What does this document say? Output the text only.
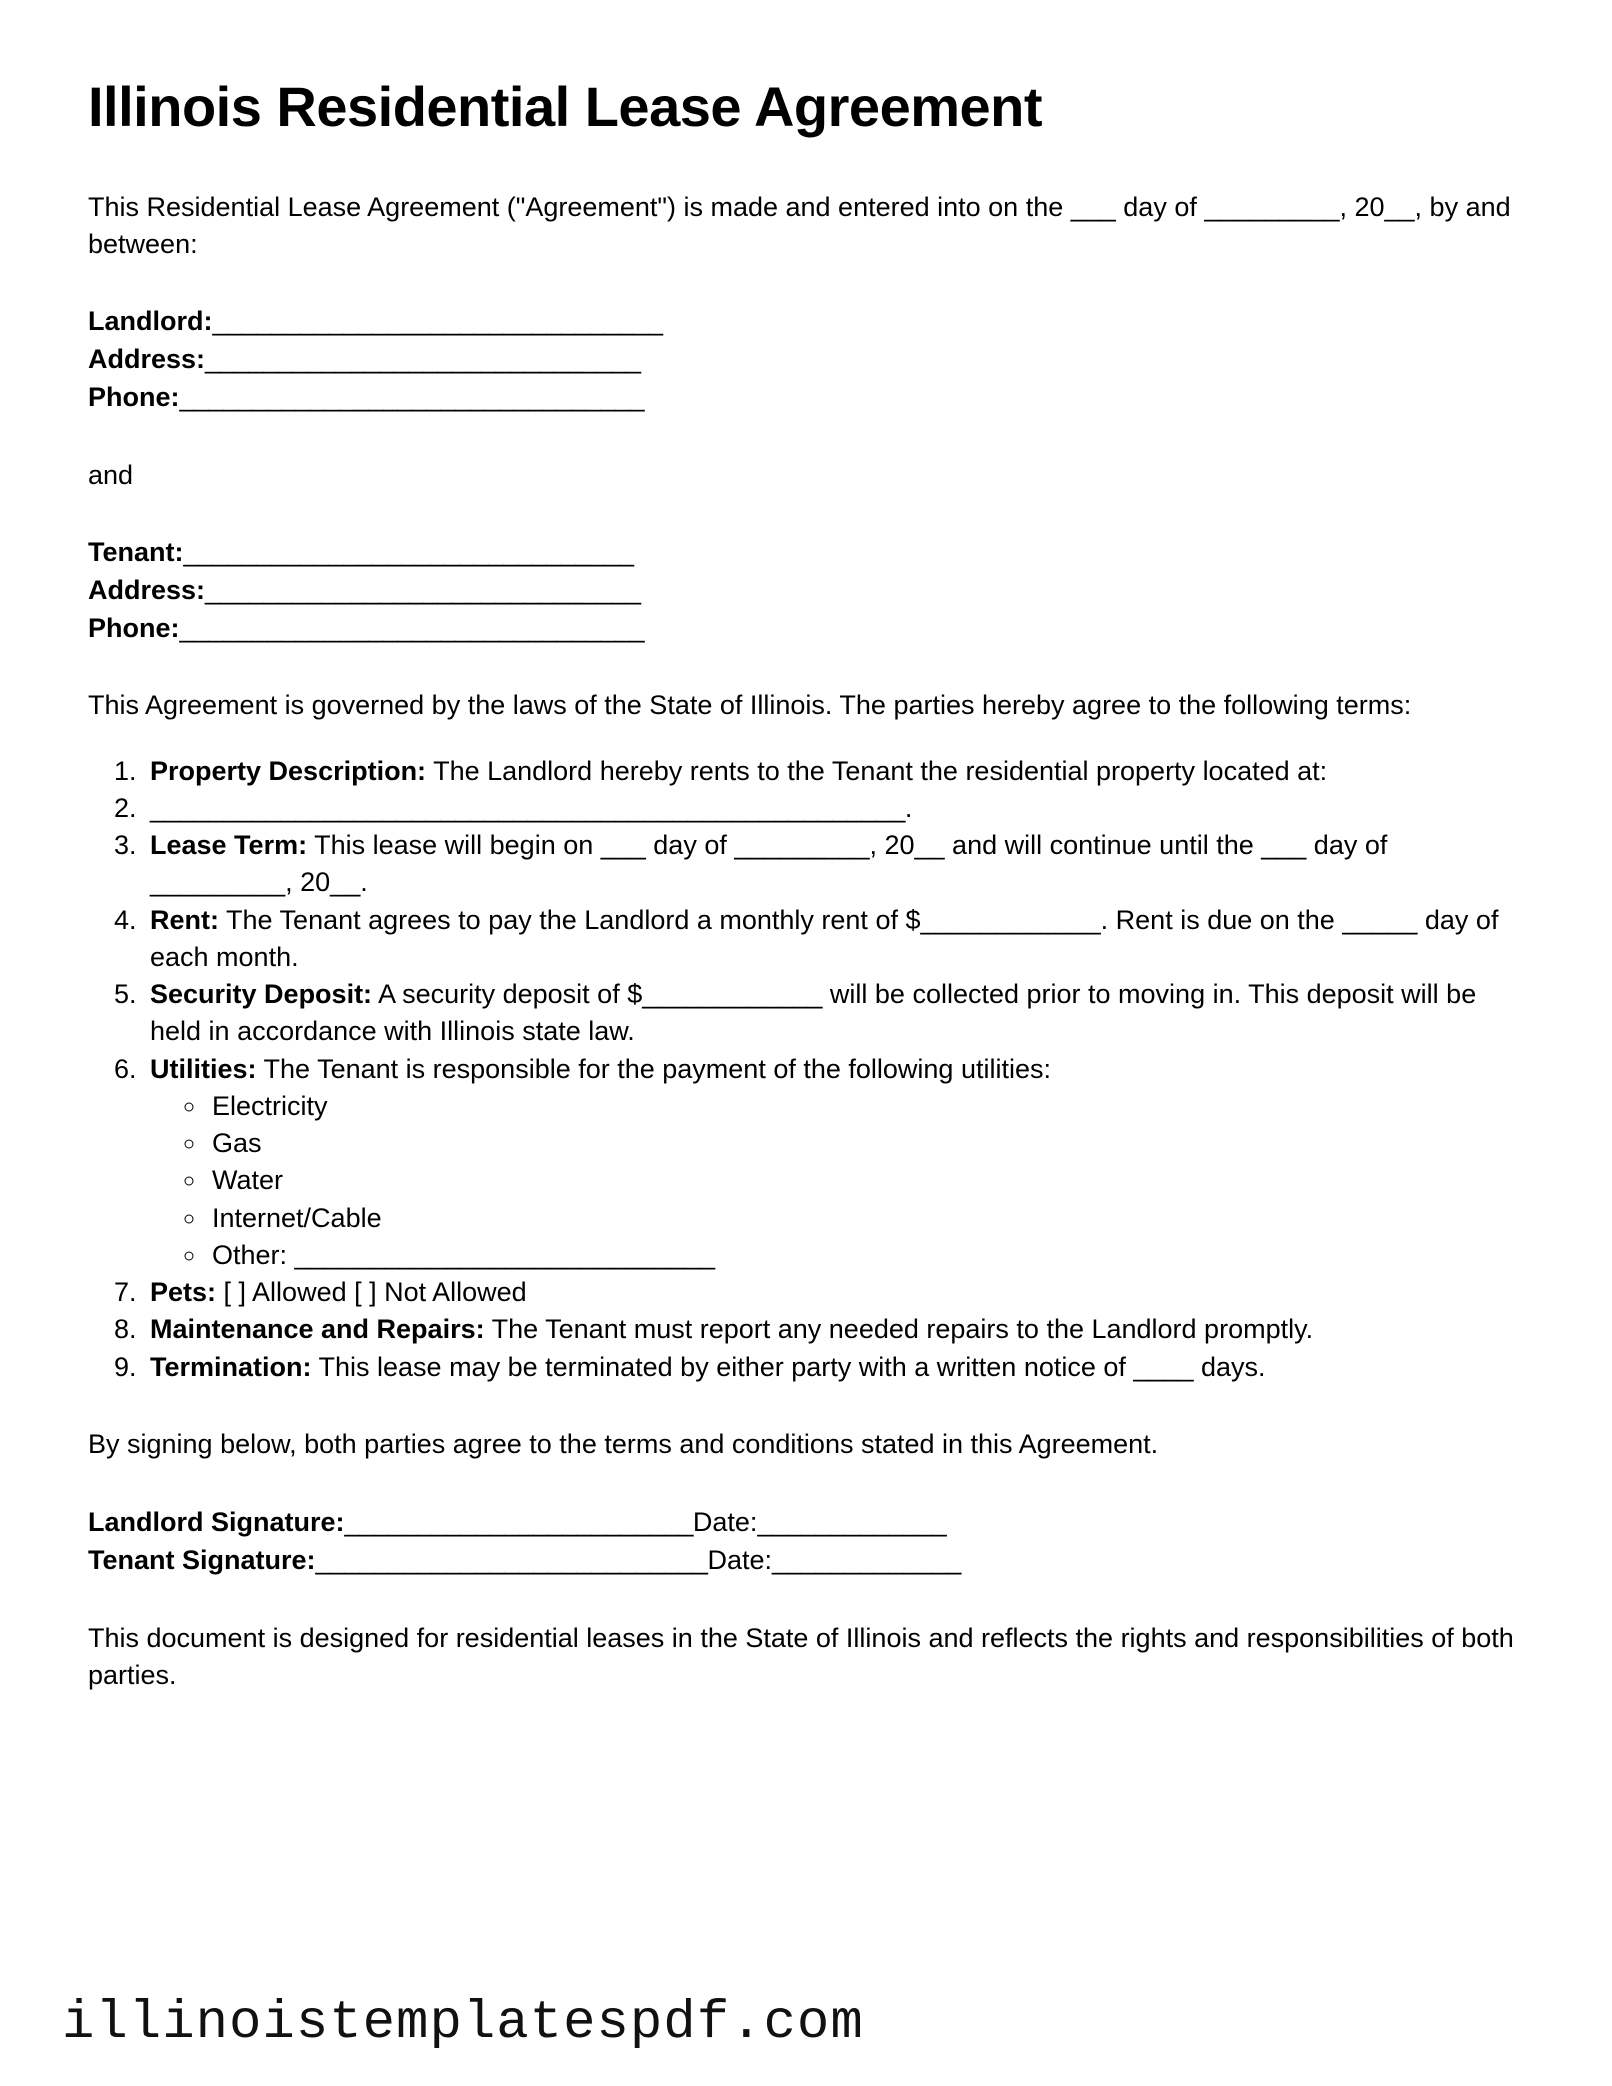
Illinois Residential Lease Agreement

This Residential Lease Agreement ("Agreement") is made and entered into on the ___ day of _________, 20__, by and between:

Landlord:_______________________________
Address:______________________________
Phone:________________________________

and

Tenant:_______________________________
Address:______________________________
Phone:________________________________

This Agreement is governed by the laws of the State of Illinois. The parties hereby agree to the following terms:

1. Property Description: The Landlord hereby rents to the Tenant the residential property located at:
2. ____________________________________________________.
3. Lease Term: This lease will begin on ___ day of _________, 20__ and will continue until the ___ day of _________, 20__.
4. Rent: The Tenant agrees to pay the Landlord a monthly rent of $____________. Rent is due on the _____ day of each month.
5. Security Deposit: A security deposit of $____________ will be collected prior to moving in. This deposit will be held in accordance with Illinois state law.
6. Utilities: The Tenant is responsible for the payment of the following utilities:
◦ Electricity
◦ Gas
◦ Water
◦ Internet/Cable
◦ Other: ____________________________
7. Pets: [ ] Allowed [ ] Not Allowed
8. Maintenance and Repairs: The Tenant must report any needed repairs to the Landlord promptly.
9. Termination: This lease may be terminated by either party with a written notice of ____ days.

By signing below, both parties agree to the terms and conditions stated in this Agreement.

Landlord Signature:________________________Date:_____________
Tenant Signature:___________________________Date:_____________

This document is designed for residential leases in the State of Illinois and reflects the rights and responsibilities of both parties.

illinoistemplatespdf.com
